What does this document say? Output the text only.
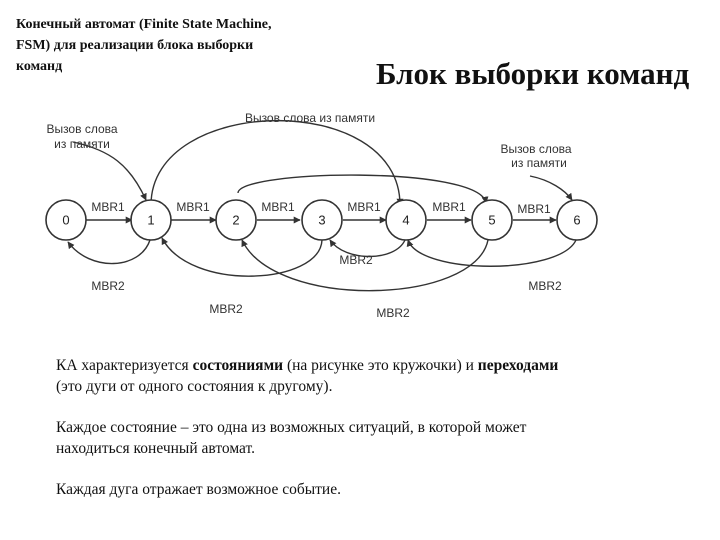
Конечный автомат (Finite State Machine,
FSM) для реализации блока выборки
команд	Блок выборки команд
0	1	2	3	4	5	6
Вызов слова из памяти
Вызов слова
из памяти	Вызов слова
из памяти
MBR1	MBR1	MBR1	MBR1	MBR1	MBR1
MBR2
MBR2
MBR2
MBR2
MBR2

КА характеризуется состояниями (на рисунке это кружочки) и переходами
(это дуги от одного состояния к другому).

Каждое состояние – это одна из возможных ситуаций, в которой может
находиться конечный автомат.

Каждая дуга отражает возможное событие.
